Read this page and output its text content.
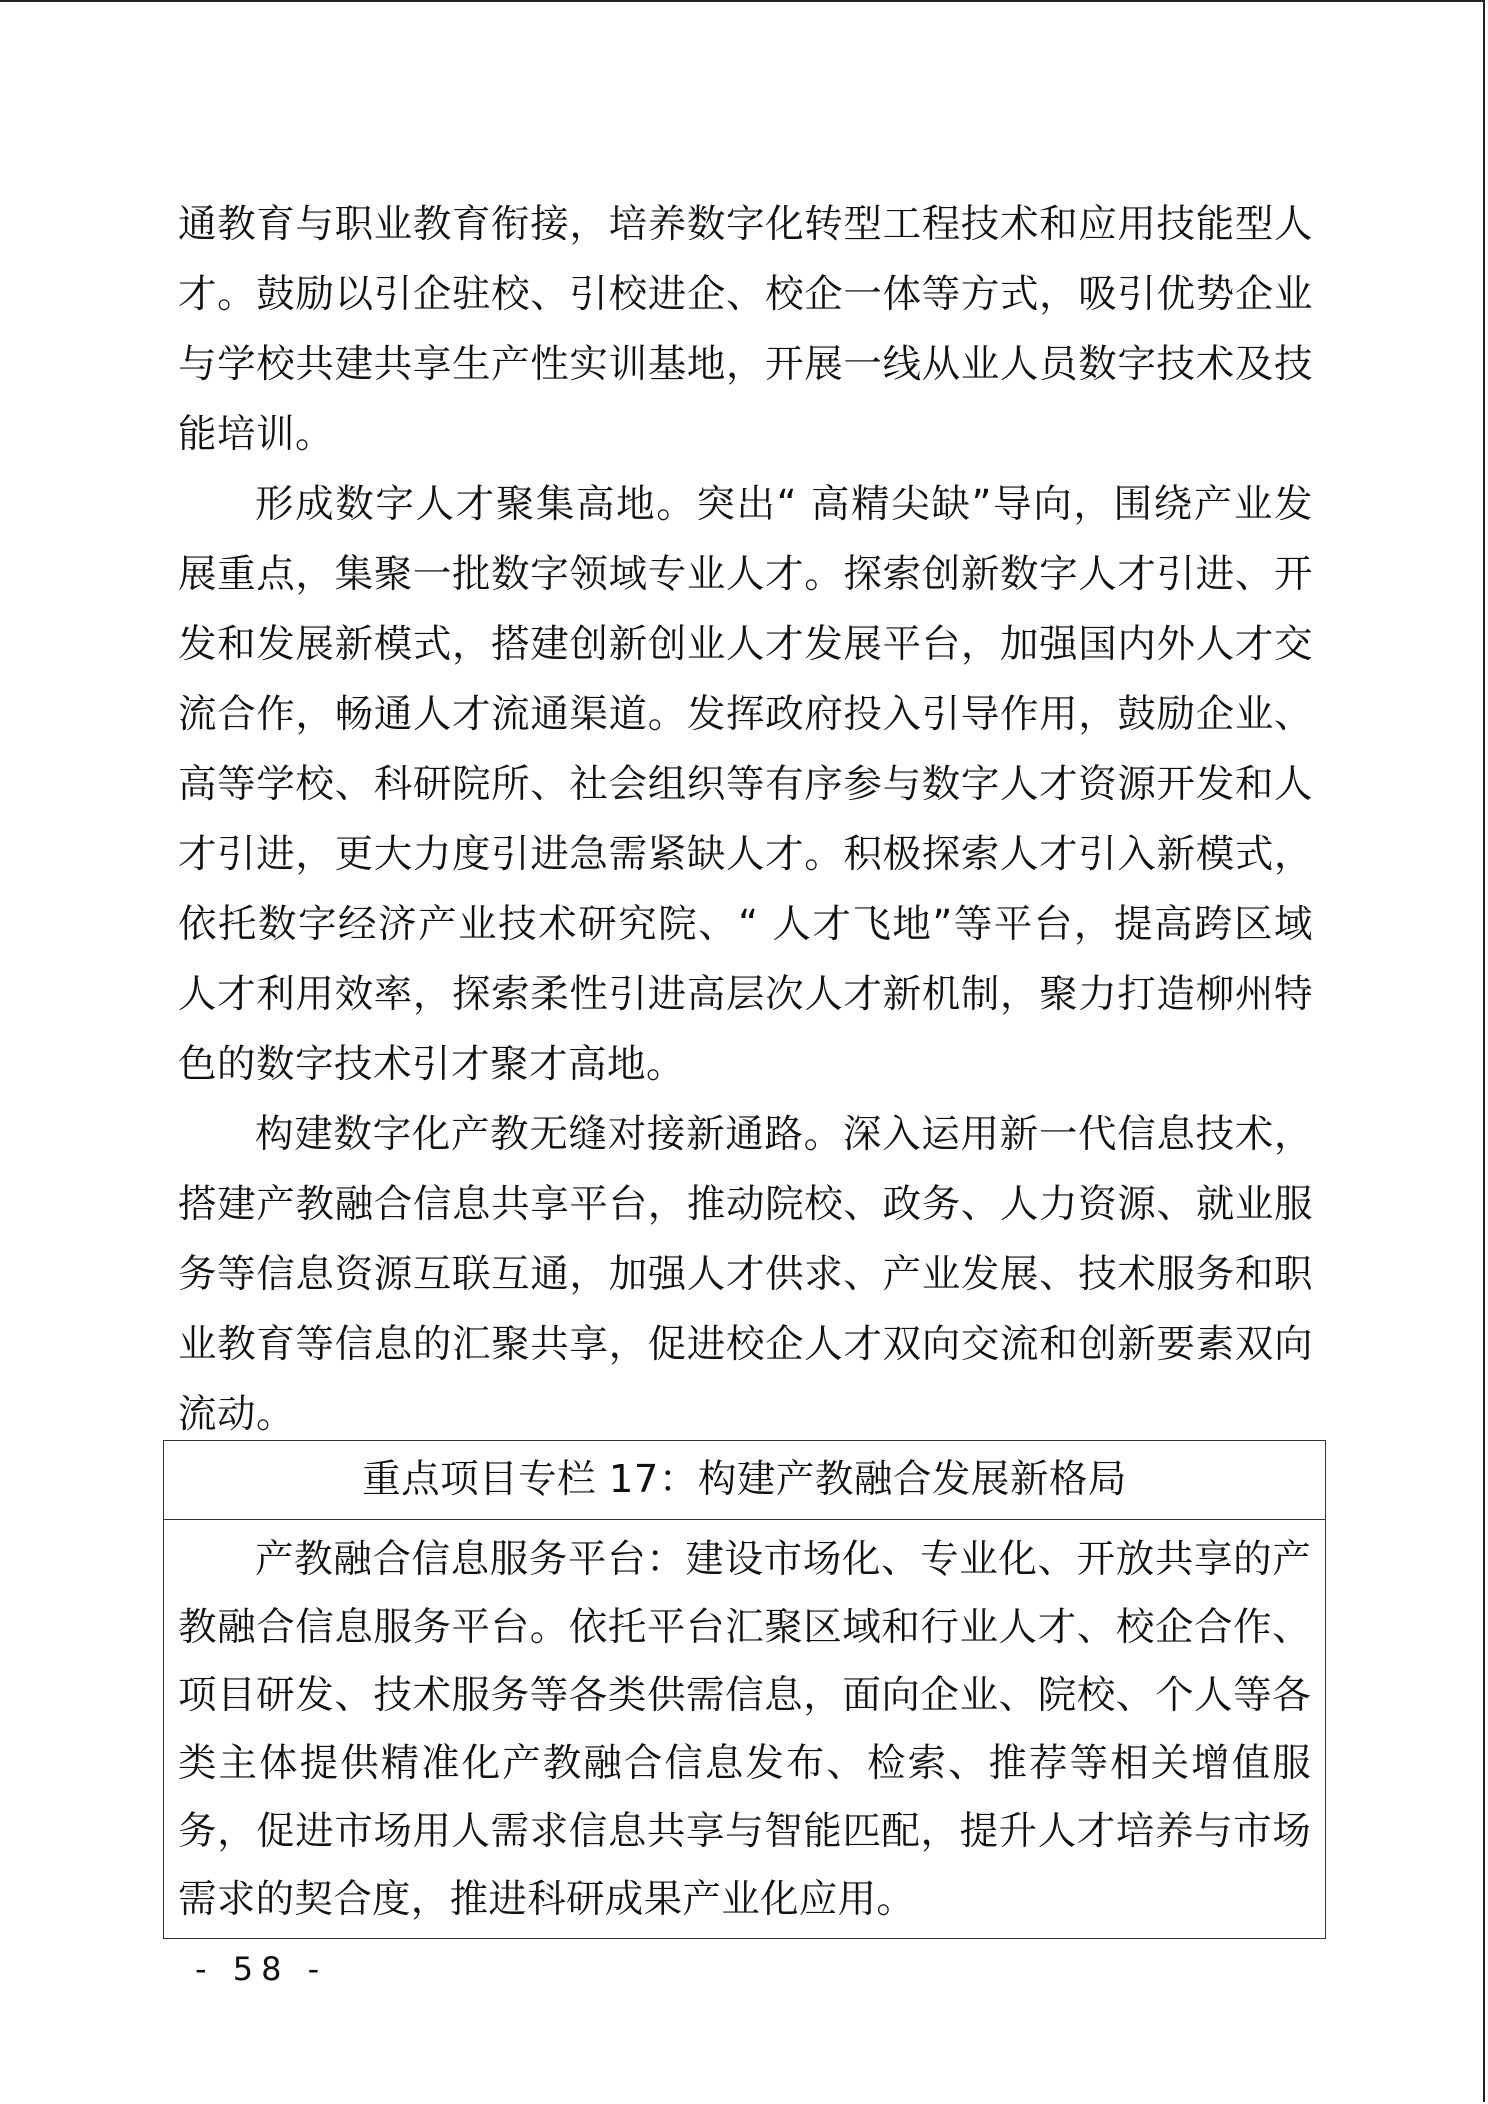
通教育与职业教育衔接，培养数字化转型工程技术和应用技能型人才。鼓励以引企驻校、引校进企、校企一体等方式，吸引优势企业与学校共建共享生产性实训基地，开展一线从业人员数字技术及技能培训。

形成数字人才聚集高地。突出“ 高精尖缺”导向，围绕产业发展重点，集聚一批数字领域专业人才。探索创新数字人才引进、开发和发展新模式，搭建创新创业人才发展平台，加强国内外人才交流合作，畅通人才流通渠道。发挥政府投入引导作用，鼓励企业、高等学校、科研院所、社会组织等有序参与数字人才资源开发和人才引进，更大力度引进急需紧缺人才。积极探索人才引入新模式，依托数字经济产业技术研究院、“ 人才飞地”等平台，提高跨区域人才利用效率，探索柔性引进高层次人才新机制，聚力打造柳州特色的数字技术引才聚才高地。

构建数字化产教无缝对接新通路。深入运用新一代信息技术，搭建产教融合信息共享平台，推动院校、政务、人力资源、就业服务等信息资源互联互通，加强人才供求、产业发展、技术服务和职业教育等信息的汇聚共享，促进校企人才双向交流和创新要素双向流动。

重点项目专栏 17：构建产教融合发展新格局

产教融合信息服务平台：建设市场化、专业化、开放共享的产教融合信息服务平台。依托平台汇聚区域和行业人才、校企合作、项目研发、技术服务等各类供需信息，面向企业、院校、个人等各类主体提供精准化产教融合信息发布、检索、推荐等相关增值服务，促进市场用人需求信息共享与智能匹配，提升人才培养与市场需求的契合度，推进科研成果产业化应用。

- 58 -
